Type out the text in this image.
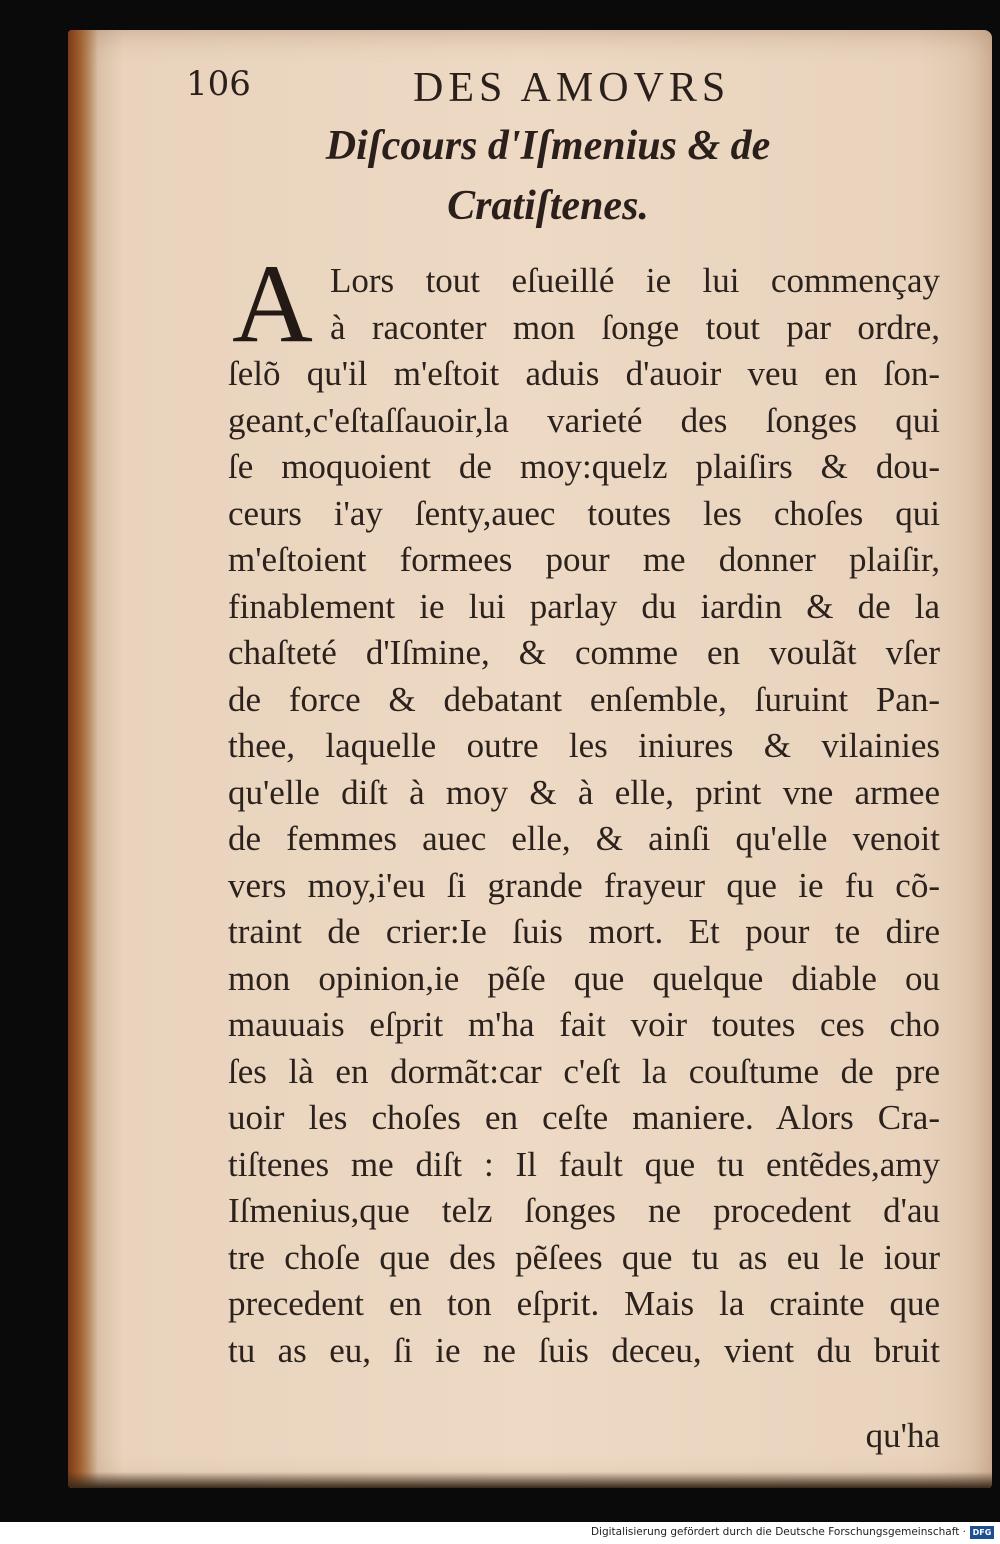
106	DES AMOVRS

Diſcours d'Iſmenius & de
Cratiſtenes.

A Lors tout eſueillé ie lui commençay
à raconter mon ſonge tout par ordre,
ſelõ qu'il m'eſtoit aduis d'auoir veu en ſon-
geant,c'eſtaſſauoir,la varieté des ſonges qui
ſe moquoient de moy:quelz plaiſirs & dou-
ceurs i'ay ſenty,auec toutes les choſes qui
m'eſtoient formees pour me donner plaiſir,
finablement ie lui parlay du iardin & de la
chaſteté d'Iſmine, & comme en voulãt vſer
de force & debatant enſemble, ſuruint Pan-
thee, laquelle outre les iniures & vilainies
qu'elle diſt à moy & à elle, print vne armee
de femmes auec elle, & ainſi qu'elle venoit
vers moy,i'eu ſi grande frayeur que ie fu cõ-
traint de crier:Ie ſuis mort. Et pour te dire
mon opinion,ie pẽſe que quelque diable ou
mauuais eſprit m'ha fait voir toutes ces cho
ſes là en dormãt:car c'eſt la couſtume de pre
uoir les choſes en ceſte maniere. Alors Cra-
tiſtenes me diſt : Il fault que tu entẽdes,amy
Iſmenius,que telz ſonges ne procedent d'au
tre choſe que des pẽſees que tu as eu le iour
precedent en ton eſprit. Mais la crainte que
tu as eu, ſi ie ne ſuis deceu, vient du bruit

qu'ha

Digitalisierung gefördert durch die Deutsche Forschungsgemeinschaft · DFG
